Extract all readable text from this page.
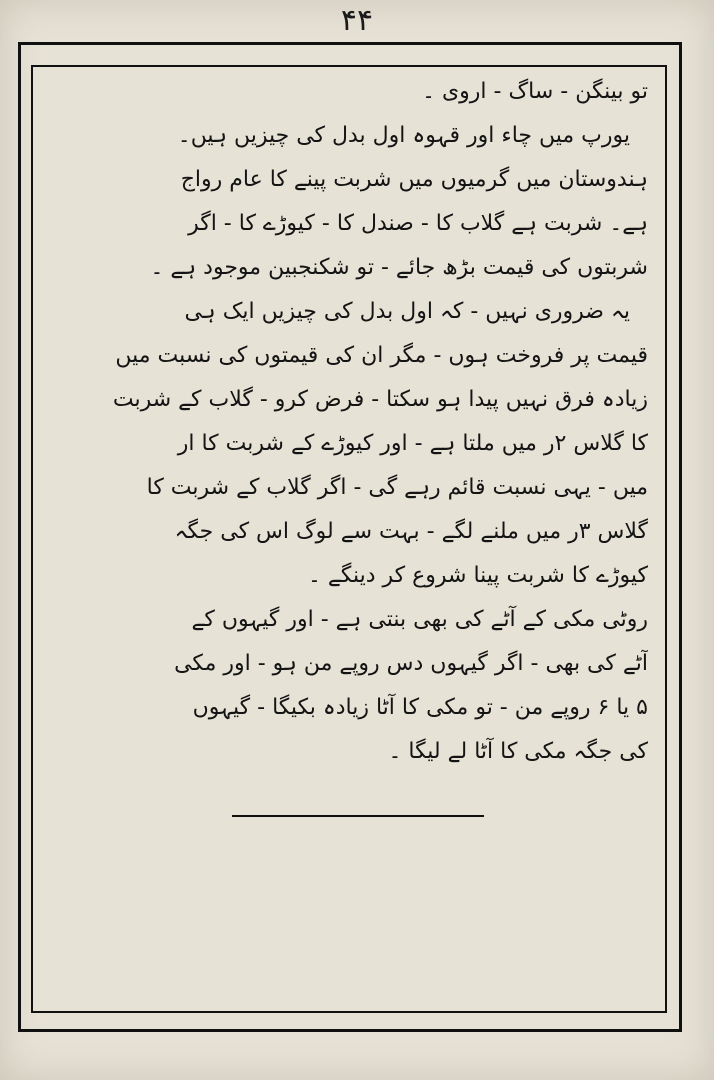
۴۴
تو بینگن - ساگ - اروی ۔
یورپ میں چاء اور قہوہ اول بدل کی چیزیں ہیں۔
ہندوستان میں گرمیوں میں شربت پینے کا عام رواج
ہے۔ شربت ہے گلاب کا - صندل کا - کیوڑے کا - اگر
شربتوں کی قیمت بڑھ جائے - تو شکنجبین موجود ہے ۔
یہ ضروری نہیں - کہ اول بدل کی چیزیں ایک ہی
قیمت پر فروخت ہوں - مگر ان کی قیمتوں کی نسبت میں
زیادہ فرق نہیں پیدا ہو سکتا - فرض کرو - گلاب کے شربت
کا گلاس ۲ر میں ملتا ہے - اور کیوڑے کے شربت کا ار
میں - یہی نسبت قائم رہے گی - اگر گلاب کے شربت کا
گلاس ۳ر میں ملنے لگے - بہت سے لوگ اس کی جگہ
کیوڑے کا شربت پینا شروع کر دینگے ۔
روٹی مکی کے آٹے کی بھی بنتی ہے - اور گیہوں کے
آٹے کی بھی - اگر گیہوں دس روپے من ہو - اور مکی
۵ یا ۶ روپے من - تو مکی کا آٹا زیادہ بکیگا - گیہوں
کی جگہ مکی کا آٹا لے لیگا ۔
